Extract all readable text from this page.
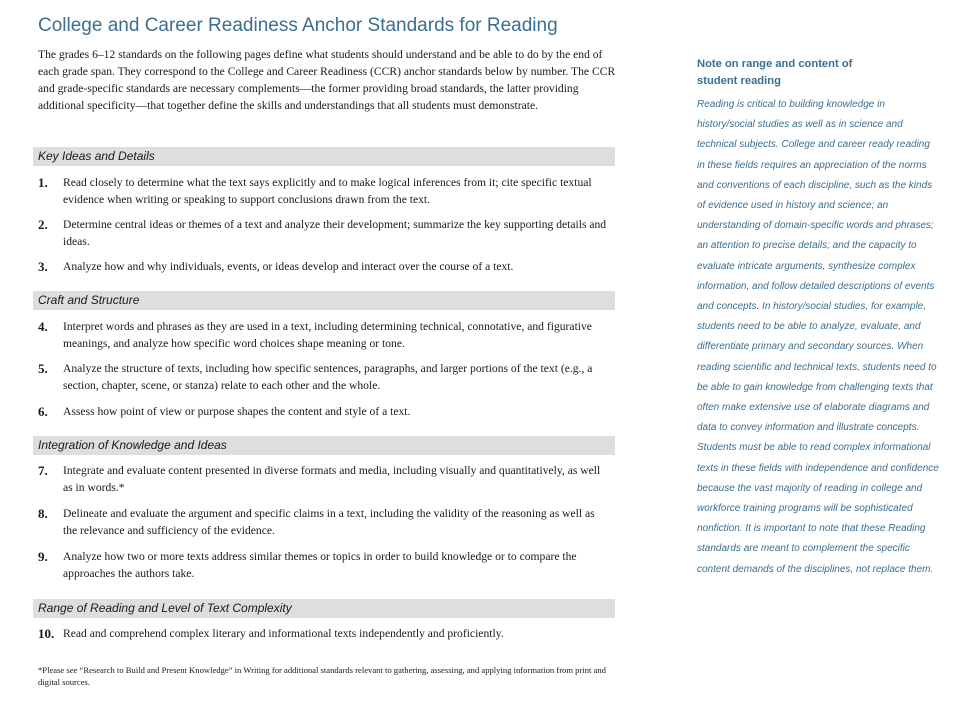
College and Career Readiness Anchor Standards for Reading

The grades 6–12 standards on the following pages define what students should understand and be able to do by the end of each grade span. They correspond to the College and Career Readiness (CCR) anchor standards below by number. The CCR and grade-specific standards are necessary complements—the former providing broad standards, the latter providing additional specificity—that together define the skills and understandings that all students must demonstrate.

Key Ideas and Details
1.	Read closely to determine what the text says explicitly and to make logical inferences from it; cite specific textual evidence when writing or speaking to support conclusions drawn from the text.
2.	Determine central ideas or themes of a text and analyze their development; summarize the key supporting details and ideas.
3.	Analyze how and why individuals, events, or ideas develop and interact over the course of a text.
Craft and Structure
4.	Interpret words and phrases as they are used in a text, including determining technical, connotative, and figurative meanings, and analyze how specific word choices shape meaning or tone.
5.	Analyze the structure of texts, including how specific sentences, paragraphs, and larger portions of the text (e.g., a section, chapter, scene, or stanza) relate to each other and the whole.
6.	Assess how point of view or purpose shapes the content and style of a text.
Integration of Knowledge and Ideas
7.	Integrate and evaluate content presented in diverse formats and media, including visually and quantitatively, as well as in words.*
8.	Delineate and evaluate the argument and specific claims in a text, including the validity of the reasoning as well as the relevance and sufficiency of the evidence.
9.	Analyze how two or more texts address similar themes or topics in order to build knowledge or to compare the approaches the authors take.
Range of Reading and Level of Text Complexity
10. Read and comprehend complex literary and informational texts independently and proficiently.

*Please see “Research to Build and Present Knowledge” in Writing for additional standards relevant to gathering, assessing, and applying information from print and digital sources.

Note on range and content of student reading

Reading is critical to building knowledge in history/social studies as well as in science and technical subjects. College and career ready reading in these fields requires an appreciation of the norms and conventions of each discipline, such as the kinds of evidence used in history and science; an understanding of domain-specific words and phrases; an attention to precise details; and the capacity to evaluate intricate arguments, synthesize complex information, and follow detailed descriptions of events and concepts. In history/social studies, for example, students need to be able to analyze, evaluate, and differentiate primary and secondary sources. When reading scientific and technical texts, students need to be able to gain knowledge from challenging texts that often make extensive use of elaborate diagrams and data to convey information and illustrate concepts. Students must be able to read complex informational texts in these fields with independence and confidence because the vast majority of reading in college and workforce training programs will be sophisticated nonfiction. It is important to note that these Reading standards are meant to complement the specific content demands of the disciplines, not replace them.
